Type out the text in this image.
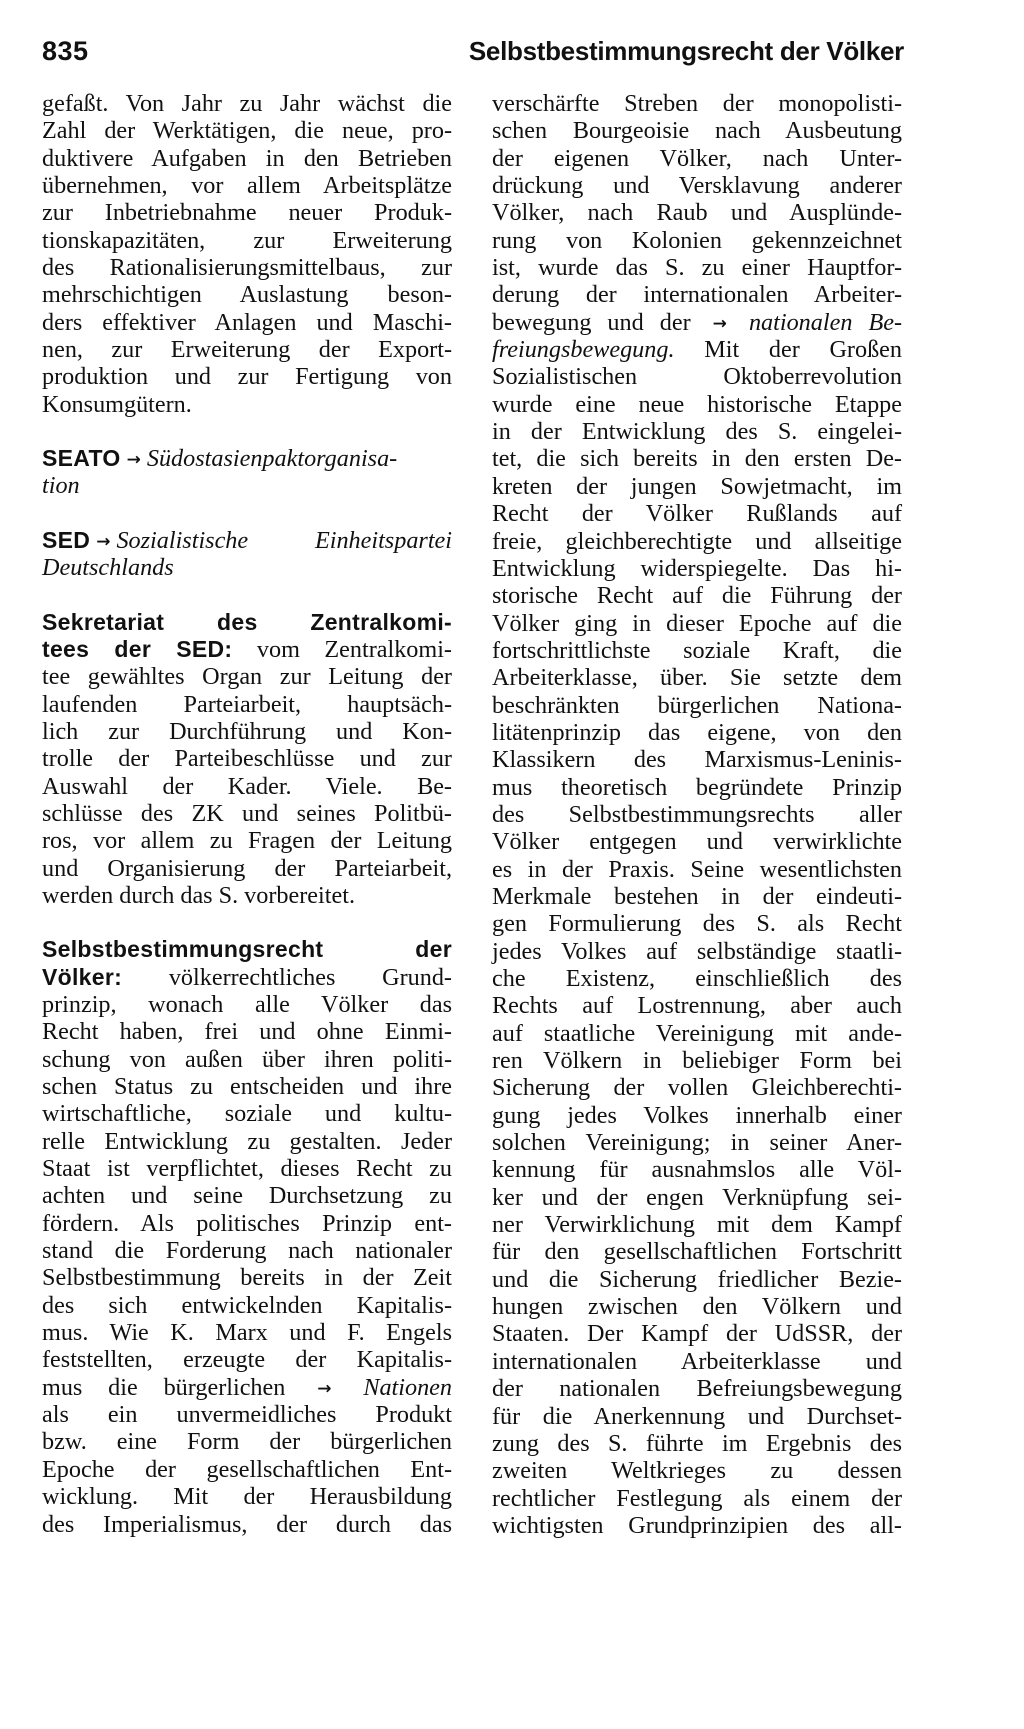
835	Selbstbestimmungsrecht der Völker
gefaßt. Von Jahr zu Jahr wächst die
Zahl der Werktätigen, die neue, pro-
duktivere Aufgaben in den Betrieben
übernehmen, vor allem Arbeitsplätze
zur Inbetriebnahme neuer Produk-
tionskapazitäten, zur Erweiterung
des Rationalisierungsmittelbaus, zur
mehrschichtigen Auslastung beson-
ders effektiver Anlagen und Maschi-
nen, zur Erweiterung der Export-
produktion und zur Fertigung von
Konsumgütern.
SEATO → Südostasienpaktorganisa-
tion
SED → Sozialistische Einheitspartei
Deutschlands
Sekretariat des Zentralkomi-
tees der SED: vom Zentralkomi-
tee gewähltes Organ zur Leitung der
laufenden Parteiarbeit, hauptsäch-
lich zur Durchführung und Kon-
trolle der Parteibeschlüsse und zur
Auswahl der Kader. Viele. Be-
schlüsse des ZK und seines Politbü-
ros, vor allem zu Fragen der Leitung
und Organisierung der Parteiarbeit,
werden durch das S. vorbereitet.
Selbstbestimmungsrecht der
Völker: völkerrechtliches Grund-
prinzip, wonach alle Völker das
Recht haben, frei und ohne Einmi-
schung von außen über ihren politi-
schen Status zu entscheiden und ihre
wirtschaftliche, soziale und kultu-
relle Entwicklung zu gestalten. Jeder
Staat ist verpflichtet, dieses Recht zu
achten und seine Durchsetzung zu
fördern. Als politisches Prinzip ent-
stand die Forderung nach nationaler
Selbstbestimmung bereits in der Zeit
des sich entwickelnden Kapitalis-
mus. Wie K. Marx und F. Engels
feststellten, erzeugte der Kapitalis-
mus die bürgerlichen → Nationen
als ein unvermeidliches Produkt
bzw. eine Form der bürgerlichen
Epoche der gesellschaftlichen Ent-
wicklung. Mit der Herausbildung
des Imperialismus, der durch das
verschärfte Streben der monopolisti-
schen Bourgeoisie nach Ausbeutung
der eigenen Völker, nach Unter-
drückung und Versklavung anderer
Völker, nach Raub und Ausplünde-
rung von Kolonien gekennzeichnet
ist, wurde das S. zu einer Hauptfor-
derung der internationalen Arbeiter-
bewegung und der → nationalen Be-
freiungsbewegung. Mit der Großen
Sozialistischen Oktoberrevolution
wurde eine neue historische Etappe
in der Entwicklung des S. eingelei-
tet, die sich bereits in den ersten De-
kreten der jungen Sowjetmacht, im
Recht der Völker Rußlands auf
freie, gleichberechtigte und allseitige
Entwicklung widerspiegelte. Das hi-
storische Recht auf die Führung der
Völker ging in dieser Epoche auf die
fortschrittlichste soziale Kraft, die
Arbeiterklasse, über. Sie setzte dem
beschränkten bürgerlichen Nationa-
litätenprinzip das eigene, von den
Klassikern des Marxismus-Leninis-
mus theoretisch begründete Prinzip
des Selbstbestimmungsrechts aller
Völker entgegen und verwirklichte
es in der Praxis. Seine wesentlichsten
Merkmale bestehen in der eindeuti-
gen Formulierung des S. als Recht
jedes Volkes auf selbständige staatli-
che Existenz, einschließlich des
Rechts auf Lostrennung, aber auch
auf staatliche Vereinigung mit ande-
ren Völkern in beliebiger Form bei
Sicherung der vollen Gleichberechti-
gung jedes Volkes innerhalb einer
solchen Vereinigung; in seiner Aner-
kennung für ausnahmslos alle Völ-
ker und der engen Verknüpfung sei-
ner Verwirklichung mit dem Kampf
für den gesellschaftlichen Fortschritt
und die Sicherung friedlicher Bezie-
hungen zwischen den Völkern und
Staaten. Der Kampf der UdSSR, der
internationalen Arbeiterklasse und
der nationalen Befreiungsbewegung
für die Anerkennung und Durchset-
zung des S. führte im Ergebnis des
zweiten Weltkrieges zu dessen
rechtlicher Festlegung als einem der
wichtigsten Grundprinzipien des all-
